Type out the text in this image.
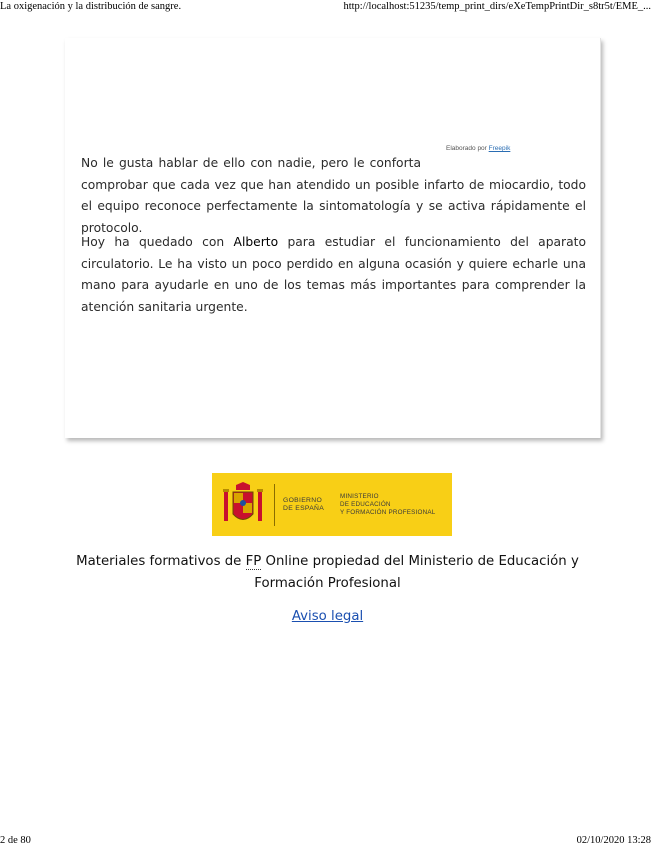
La oxigenación y la distribución de sangre.	http://localhost:51235/temp_print_dirs/eXeTempPrintDir_s8tr5t/EME_...
Elaborado por Freepik

No le gusta hablar de ello con nadie, pero le conforta
comprobar que cada vez que han atendido un posible infarto de miocardio, todo el equipo reconoce perfectamente la sintomatología y se activa rápidamente el protocolo.

Hoy ha quedado con Alberto para estudiar el funcionamiento del aparato circulatorio. Le ha visto un poco perdido en alguna ocasión y quiere echarle una mano para ayudarle en uno de los temas más importantes para comprender la atención sanitaria urgente.

GOBIERNO
DE ESPAÑA
MINISTERIO
DE EDUCACIÓN
Y FORMACIÓN PROFESIONAL
Materiales formativos de FP Online propiedad del Ministerio de Educación y Formación Profesional
Aviso legal
2 de 80	02/10/2020 13:28
